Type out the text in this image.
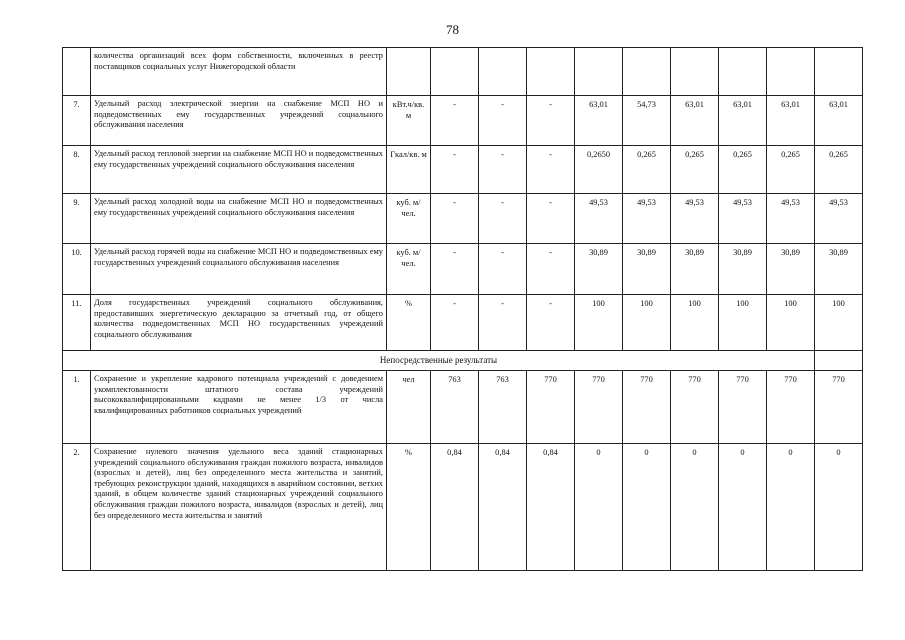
78
	количества организаций всех форм собственности, включенных в реестр поставщиков социальных услуг Нижегородской области										
7.	Удельный расход электрической энергии на снабжение МСП НО и подведомственных ему государственных учреждений социального обслуживания населения	кВт.ч/кв. м	-	-	-	63,01	54,73	63,01	63,01	63,01	63,01
8.	Удельный расход тепловой энергии на снабжение МСП НО и подведомственных ему государственных учреждений социального обслуживания населения	Гкал/кв. м	-	-	-	0,2650	0,265	0,265	0,265	0,265	0,265
9.	Удельный расход холодной воды на снабжение МСП НО и подведомственных ему государственных учреждений социального обслуживания населения	куб. м/чел.	-	-	-	49,53	49,53	49,53	49,53	49,53	49,53
10.	Удельный расход горячей воды на снабжение МСП НО и подведомственных ему государственных учреждений социального обслуживания населения	куб. м/чел.	-	-	-	30,89	30,89	30,89	30,89	30,89	30,89
11.	Доля государственных учреждений социального обслуживания, предоставивших энергетическую декларацию за отчетный год, от общего количества подведомственных МСП НО государственных учреждений социального обслуживания	%	-	-	-	100	100	100	100	100	100
Непосредственные результаты											
1.	Сохранение и укрепление кадрового потенциала учреждений с доведением укомплектованности штатного состава учреждений высококвалифицированными кадрами не менее 1/3 от числа квалифицированных работников социальных учреждений	чел	763	763	770	770	770	770	770	770	770
2.	Сохранение нулевого значения удельного веса зданий стационарных учреждений социального обслуживания граждан пожилого возраста, инвалидов (взрослых и детей), лиц без определенного места жительства и занятий, требующих реконструкции зданий, находящихся в аварийном состоянии, ветхих зданий, в общем количестве зданий стационарных учреждений социального обслуживания граждан пожилого возраста, инвалидов (взрослых и детей), лиц без определенного места жительства и занятий	%	0,84	0,84	0,84	0	0	0	0	0	0
